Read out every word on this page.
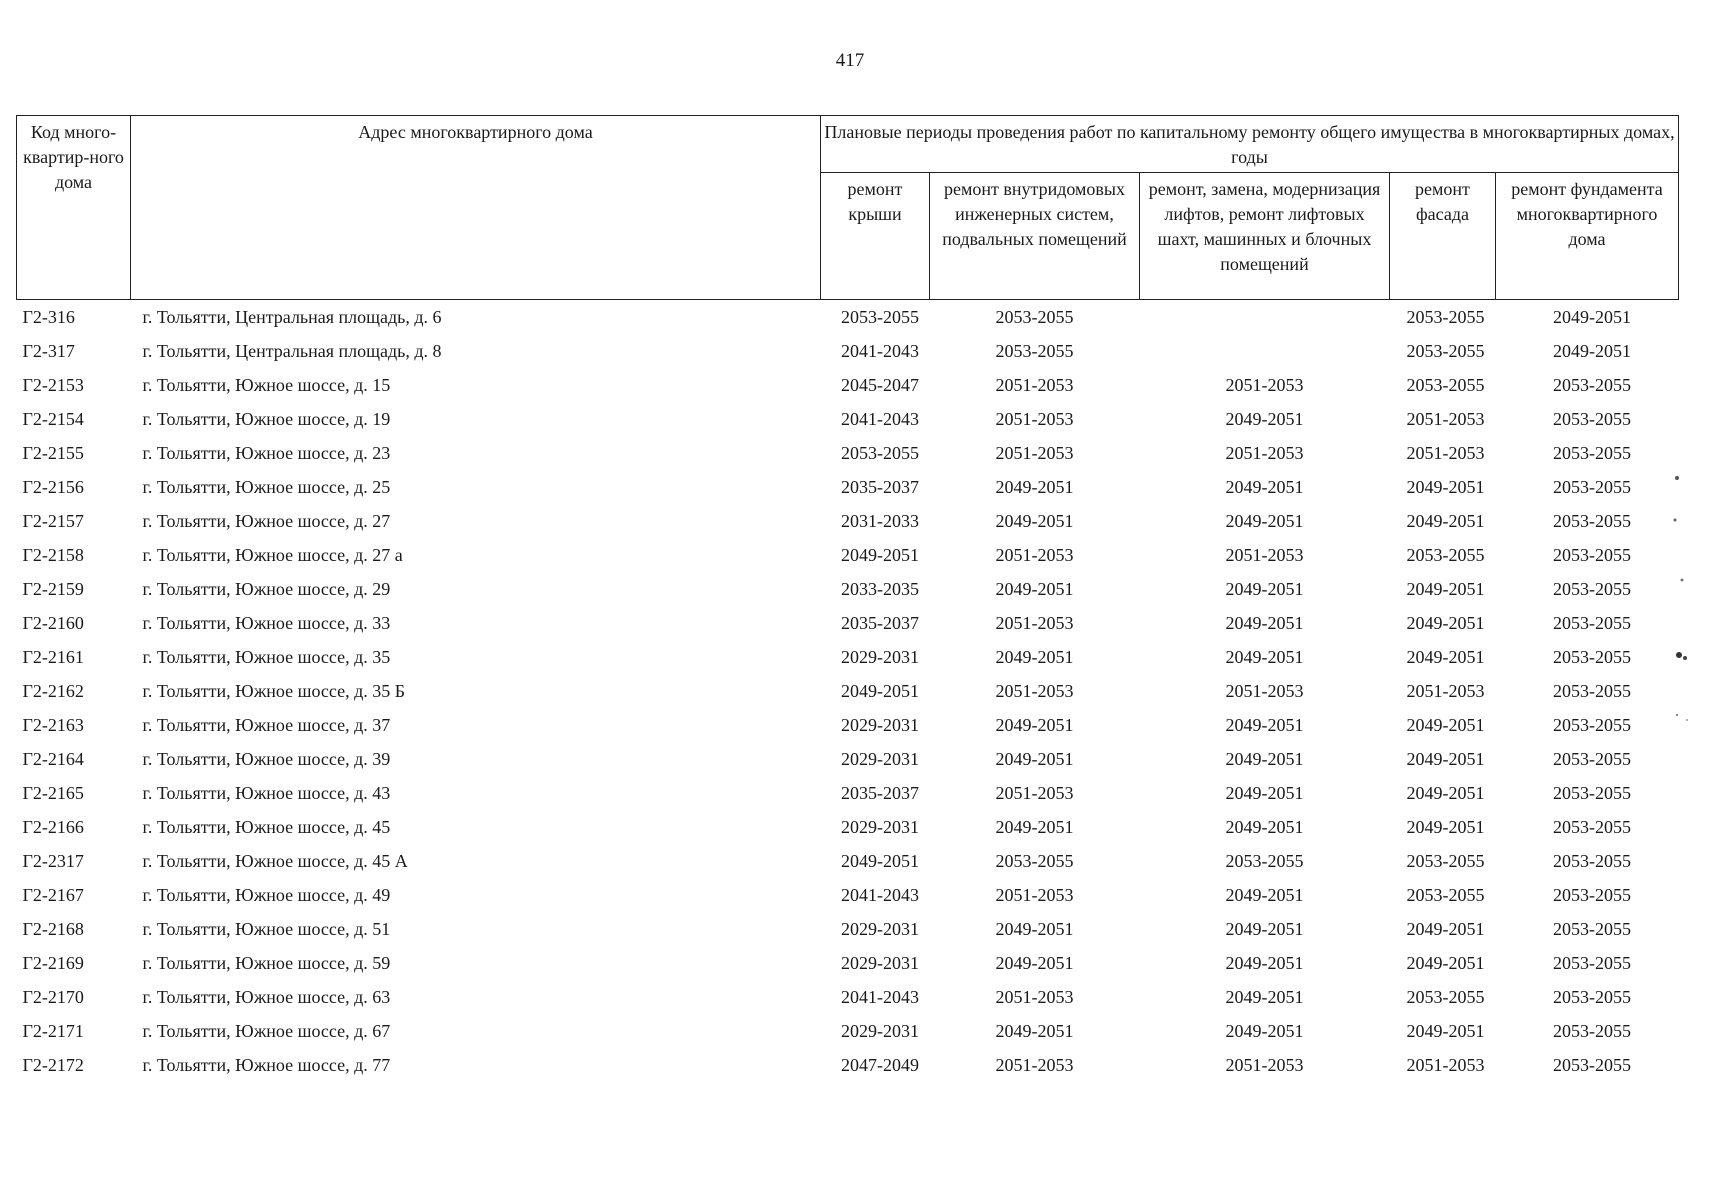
417
Код много-квартир-ного дома	Адрес многоквартирного дома	Плановые периоды проведения работ по капитальному ремонту общего имущества в многоквартирных домах, годы				
		ремонт крыши	ремонт внутридомовых инженерных систем, подвальных помещений	ремонт, замена, модернизация лифтов, ремонт лифтовых шахт, машинных и блочных помещений	ремонт фасада	ремонт фундамента многоквартирного дома
Г2-316	г. Тольятти, Центральная площадь, д. 6	2053-2055	2053-2055		2053-2055	2049-2051
Г2-317	г. Тольятти, Центральная площадь, д. 8	2041-2043	2053-2055		2053-2055	2049-2051
Г2-2153	г. Тольятти, Южное шоссе, д. 15	2045-2047	2051-2053	2051-2053	2053-2055	2053-2055
Г2-2154	г. Тольятти, Южное шоссе, д. 19	2041-2043	2051-2053	2049-2051	2051-2053	2053-2055
Г2-2155	г. Тольятти, Южное шоссе, д. 23	2053-2055	2051-2053	2051-2053	2051-2053	2053-2055
Г2-2156	г. Тольятти, Южное шоссе, д. 25	2035-2037	2049-2051	2049-2051	2049-2051	2053-2055
Г2-2157	г. Тольятти, Южное шоссе, д. 27	2031-2033	2049-2051	2049-2051	2049-2051	2053-2055
Г2-2158	г. Тольятти, Южное шоссе, д. 27 а	2049-2051	2051-2053	2051-2053	2053-2055	2053-2055
Г2-2159	г. Тольятти, Южное шоссе, д. 29	2033-2035	2049-2051	2049-2051	2049-2051	2053-2055
Г2-2160	г. Тольятти, Южное шоссе, д. 33	2035-2037	2051-2053	2049-2051	2049-2051	2053-2055
Г2-2161	г. Тольятти, Южное шоссе, д. 35	2029-2031	2049-2051	2049-2051	2049-2051	2053-2055
Г2-2162	г. Тольятти, Южное шоссе, д. 35 Б	2049-2051	2051-2053	2051-2053	2051-2053	2053-2055
Г2-2163	г. Тольятти, Южное шоссе, д. 37	2029-2031	2049-2051	2049-2051	2049-2051	2053-2055
Г2-2164	г. Тольятти, Южное шоссе, д. 39	2029-2031	2049-2051	2049-2051	2049-2051	2053-2055
Г2-2165	г. Тольятти, Южное шоссе, д. 43	2035-2037	2051-2053	2049-2051	2049-2051	2053-2055
Г2-2166	г. Тольятти, Южное шоссе, д. 45	2029-2031	2049-2051	2049-2051	2049-2051	2053-2055
Г2-2317	г. Тольятти, Южное шоссе, д. 45 А	2049-2051	2053-2055	2053-2055	2053-2055	2053-2055
Г2-2167	г. Тольятти, Южное шоссе, д. 49	2041-2043	2051-2053	2049-2051	2053-2055	2053-2055
Г2-2168	г. Тольятти, Южное шоссе, д. 51	2029-2031	2049-2051	2049-2051	2049-2051	2053-2055
Г2-2169	г. Тольятти, Южное шоссе, д. 59	2029-2031	2049-2051	2049-2051	2049-2051	2053-2055
Г2-2170	г. Тольятти, Южное шоссе, д. 63	2041-2043	2051-2053	2049-2051	2053-2055	2053-2055
Г2-2171	г. Тольятти, Южное шоссе, д. 67	2029-2031	2049-2051	2049-2051	2049-2051	2053-2055
Г2-2172	г. Тольятти, Южное шоссе, д. 77	2047-2049	2051-2053	2051-2053	2051-2053	2053-2055
